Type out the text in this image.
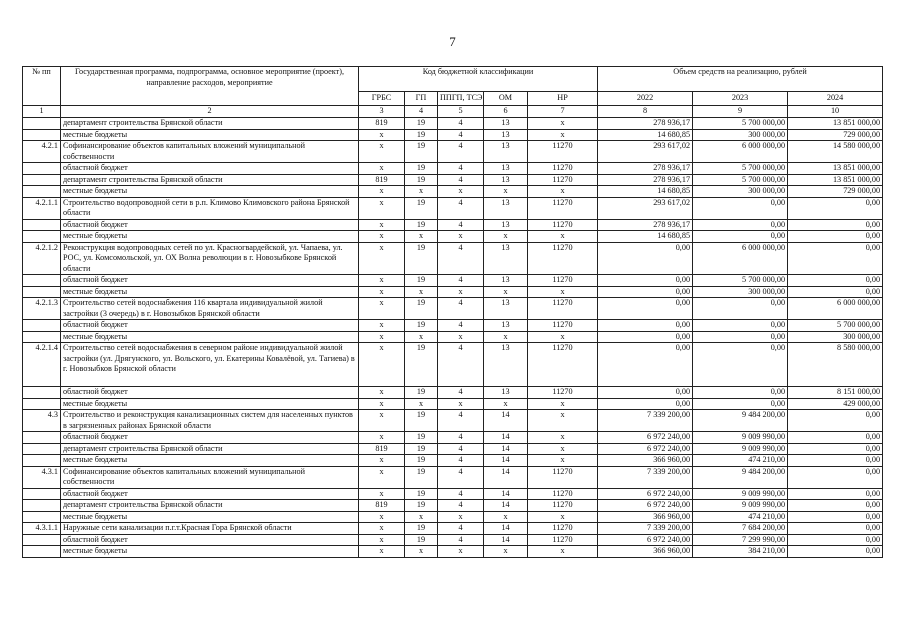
7
№ пп	Государственная программа, подпрограмма, основное мероприятие (проект), направление расходов, мероприятие	Код бюджетной классификации					Объем средств на реализацию, рублей		
		ГРБС	ГП	ППГП, ТСЭ	ОМ	НР	2022	2023	2024
1	2	3	4	5	6	7	8	9	10
	департамент строительства Брянской области	819	19	4	13	х	278 936,17	5 700 000,00	13 851 000,00
	местные бюджеты	х	19	4	13	х	14 680,85	300 000,00	729 000,00
4.2.1	Софинансирование объектов капитальных вложений муниципальной собственности	х	19	4	13	11270	293 617,02	6 000 000,00	14 580 000,00
	областной бюджет	х	19	4	13	11270	278 936,17	5 700 000,00	13 851 000,00
	департамент строительства Брянской области	819	19	4	13	11270	278 936,17	5 700 000,00	13 851 000,00
	местные бюджеты	х	х	х	х	х	14 680,85	300 000,00	729 000,00
4.2.1.1	Строительство водопроводной сети в р.п. Климово Климовского района Брянской области	х	19	4	13	11270	293 617,02	0,00	0,00
	областной бюджет	х	19	4	13	11270	278 936,17	0,00	0,00
	местные бюджеты	х	х	х	х	х	14 680,85	0,00	0,00
4.2.1.2	Реконструкция водопроводных сетей по ул. Красногвардейской, ул. Чапаева, ул. РОС, ул. Комсомольской, ул. ОХ Волна революции в г. Новозыбкове Брянской области	х	19	4	13	11270	0,00	6 000 000,00	0,00
	областной бюджет	х	19	4	13	11270	0,00	5 700 000,00	0,00
	местные бюджеты	х	х	х	х	х	0,00	300 000,00	0,00
4.2.1.3	Строительство сетей водоснабжения 116 квартала индивидуальной жилой застройки (3 очередь) в г. Новозыбков Брянской области	х	19	4	13	11270	0,00	0,00	6 000 000,00
	областной бюджет	х	19	4	13	11270	0,00	0,00	5 700 000,00
	местные бюджеты	х	х	х	х	х	0,00	0,00	300 000,00
4.2.1.4	Строительство сетей водоснабжения в северном районе индивидуальной жилой застройки (ул. Дрягунского, ул. Вольского, ул. Екатерины Ковалёвой, ул. Тагиева) в г. Новозыбков Брянской области	х	19	4	13	11270	0,00	0,00	8 580 000,00
	областной бюджет	х	19	4	13	11270	0,00	0,00	8 151 000,00
	местные бюджеты	х	х	х	х	х	0,00	0,00	429 000,00
4.3	Строительство и реконструкция канализационных систем для населенных пунктов в загрязненных районах Брянской области	х	19	4	14	х	7 339 200,00	9 484 200,00	0,00
	областной бюджет	х	19	4	14	х	6 972 240,00	9 009 990,00	0,00
	департамент строительства Брянской области	819	19	4	14	х	6 972 240,00	9 009 990,00	0,00
	местные бюджеты	х	19	4	14	х	366 960,00	474 210,00	0,00
4.3.1	Софинансирование объектов капитальных вложений муниципальной собственности	х	19	4	14	11270	7 339 200,00	9 484 200,00	0,00
	областной бюджет	х	19	4	14	11270	6 972 240,00	9 009 990,00	0,00
	департамент строительства Брянской области	819	19	4	14	11270	6 972 240,00	9 009 990,00	0,00
	местные бюджеты	х	х	х	х	х	366 960,00	474 210,00	0,00
4.3.1.1	Наружные сети канализации п.г.т.Красная Гора Брянской области	х	19	4	14	11270	7 339 200,00	7 684 200,00	0,00
	областной бюджет	х	19	4	14	11270	6 972 240,00	7 299 990,00	0,00
	местные бюджеты	х	х	х	х	х	366 960,00	384 210,00	0,00
